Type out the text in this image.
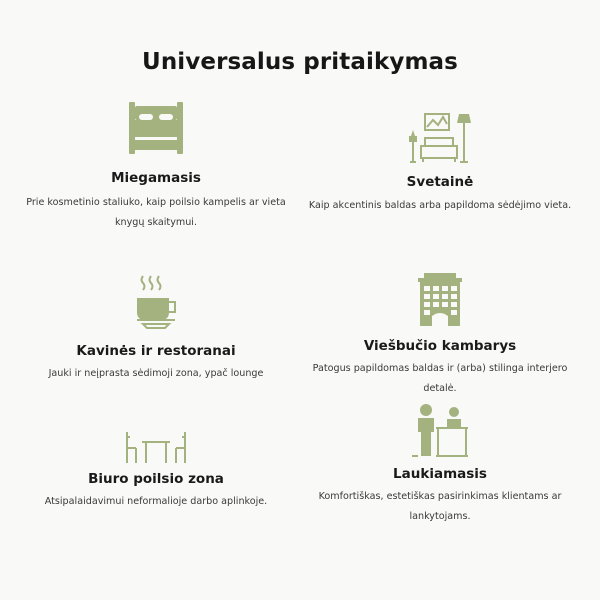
Universalus pritaikymas
Miegamasis

Prie kosmetinio staliuko, kaip poilsio kampelis ar vieta knygų skaitymui.

Svetainė

Kaip akcentinis baldas arba papildoma sėdėjimo vieta.

Kavinės ir restoranai

Jauki ir neįprasta sėdimoji zona, ypač lounge

Viešbučio kambarys

Patogus papildomas baldas ir (arba) stilinga interjero detalė.

Biuro poilsio zona

Atsipalaidavimui neformalioje darbo aplinkoje.

Laukiamasis

Komfortiškas, estetiškas pasirinkimas klientams ar lankytojams.
